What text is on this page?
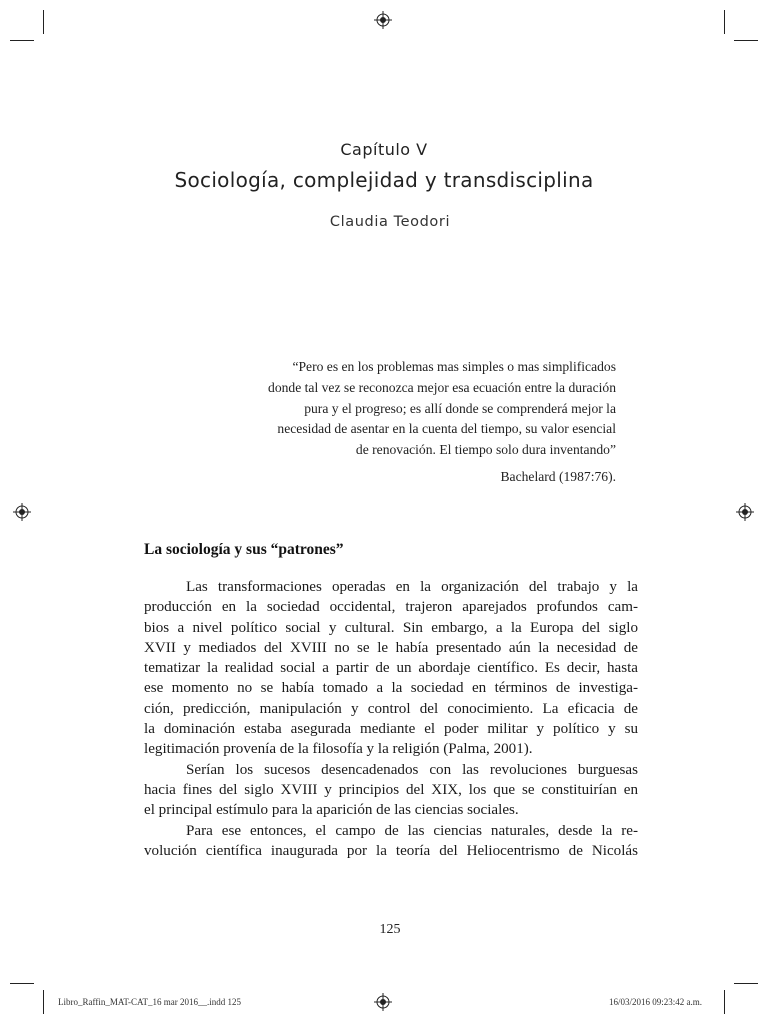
Capítulo V
Sociología, complejidad y transdisciplina
Claudia Teodori
“Pero es en los problemas mas simples o mas simplificados
donde tal vez se reconozca mejor esa ecuación entre la duración
pura y el progreso; es allí donde se comprenderá mejor la
necesidad de asentar en la cuenta del tiempo, su valor esencial
de renovación. El tiempo solo dura inventando”
Bachelard (1987:76).
La sociología y sus “patrones”
Las transformaciones operadas en la organización del trabajo y la
producción en la sociedad occidental, trajeron aparejados profundos cam-
bios a nivel político social y cultural. Sin embargo, a la Europa del siglo
XVII y mediados del XVIII no se le había presentado aún la necesidad de
tematizar la realidad social a partir de un abordaje científico. Es decir, hasta
ese momento no se había tomado a la sociedad en términos de investiga-
ción, predicción, manipulación y control del conocimiento. La eficacia de
la dominación estaba asegurada mediante el poder militar y político y su
legitimación provenía de la filosofía y la religión (Palma, 2001).
Serían los sucesos desencadenados con las revoluciones burguesas
hacia fines del siglo XVIII y principios del XIX, los que se constituirían en
el principal estímulo para la aparición de las ciencias sociales.
Para ese entonces, el campo de las ciencias naturales, desde la re-
volución científica inaugurada por la teoría del Heliocentrismo de Nicolás
125
Libro_Raffin_MAT-CAT_16 mar 2016__.indd 125	16/03/2016 09:23:42 a.m.
